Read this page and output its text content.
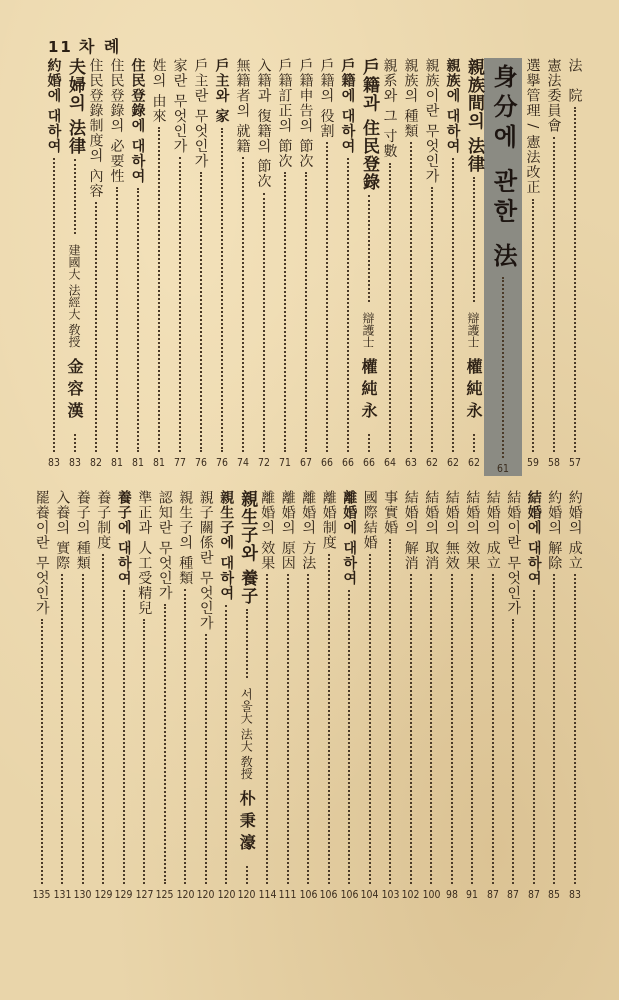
11 차 례
法　院
57
憲法委員會
58
選擧管理 / 憲法改正
59
身分에 관한 法
61
親族間의 法律
辯護士權純永
62
親族에 대하여
62
親族이란 무엇인가
62
親族의 種類
63
親系와 그 寸數
64
戶籍과 住民登錄
辯護士權純永
66
戶籍에 대하여
66
戶籍의 役割
66
戶籍申告의 節次
67
戶籍訂正의 節次
71
入籍과 復籍의 節次
72
無籍者의 就籍
74
戶主와 家
76
戶主란 무엇인가
76
家란 무엇인가
77
姓의 由來
81
住民登錄에 대하여
81
住民登錄의 必要性
81
住民登錄制度의 內容
82
夫婦의 法律
建國大 法經大 敎授金容漢
83
約婚에 대하여
83
約婚의 成立
83
約婚의 解除
85
結婚에 대하여
87
結婚이란 무엇인가
87
結婚의 成立
87
結婚의 效果
91
結婚의 無效
98
結婚의 取消
100
結婚의 解消
102
事實婚
103
國際結婚
104
離婚에 대하여
106
離婚制度
106
離婚의 方法
106
離婚의 原因
111
離婚의 效果
114
親生子와 養子
서울大 法大 敎授朴秉濠
120
親生子에 대하여
120
親子關係란 무엇인가
120
親生子의 種類
120
認知란 무엇인가
125
準正과 人工受精兒
127
養子에 대하여
129
養子制度
129
養子의 種類
130
入養의 實際
131
罷養이란 무엇인가
135
